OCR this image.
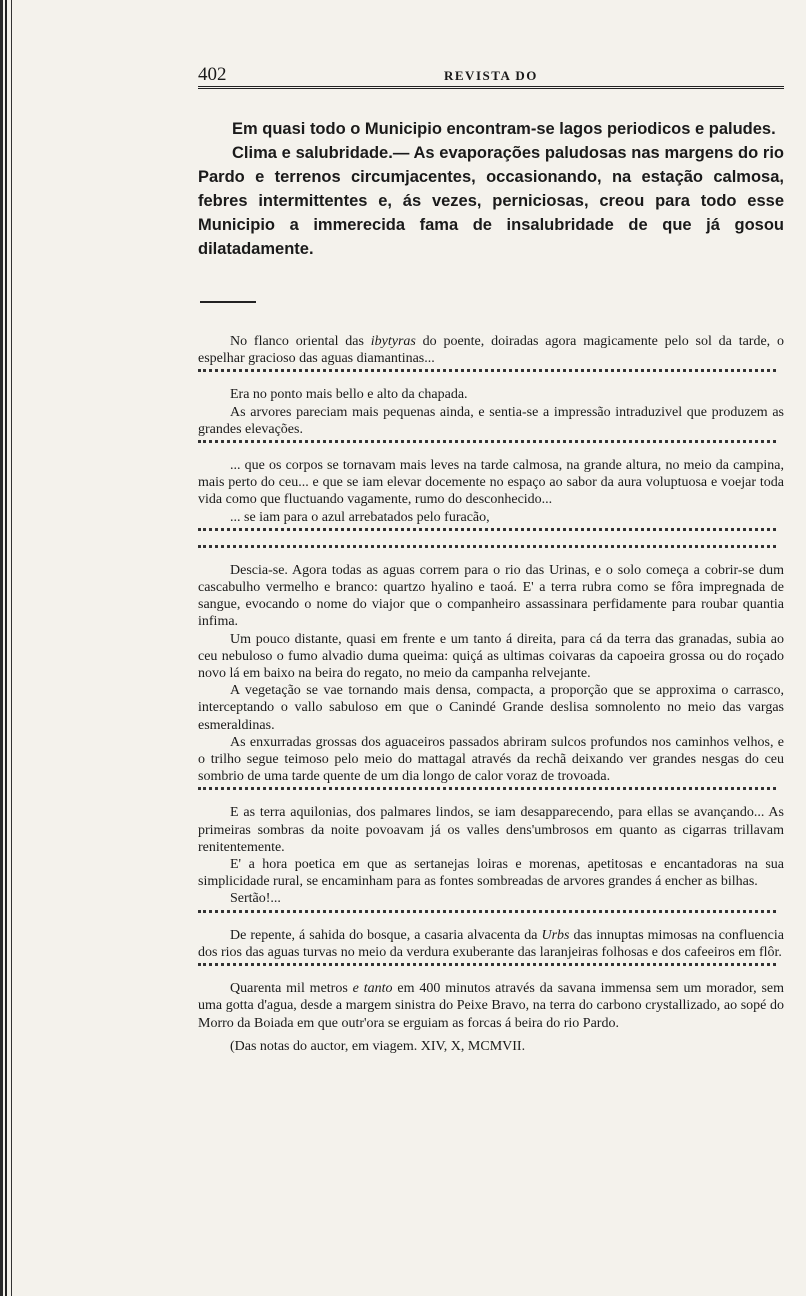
402	REVISTA DO

Em quasi todo o Municipio encontram-se lagos periodicos e paludes.

Clima e salubridade.— As evaporações paludosas nas margens do rio Pardo e terrenos circumjacentes, occasionando, na estação calmosa, febres intermittentes e, ás vezes, perniciosas, creou para todo esse Municipio a immerecida fama de insalubridade de que já gosou dilatadamente.

No flanco oriental das ibytyras do poente, doiradas agora magicamente pelo sol da tarde, o espelhar gracioso das aguas diamantinas...

Era no ponto mais bello e alto da chapada.

As arvores pareciam mais pequenas ainda, e sentia-se a impressão intraduzivel que produzem as grandes elevações.

... que os corpos se tornavam mais leves na tarde calmosa, na grande altura, no meio da campina, mais perto do ceu... e que se iam elevar docemente no espaço ao sabor da aura voluptuosa e voejar toda vida como que fluctuando vagamente, rumo do desconhecido...

... se iam para o azul arrebatados pelo furacão,

Descia-se. Agora todas as aguas correm para o rio das Urinas, e o solo começa a cobrir-se dum cascabulho vermelho e branco: quartzo hyalino e taoá. E' a terra rubra como se fôra impregnada de sangue, evocando o nome do viajor que o companheiro assassinara perfidamente para roubar quantia infima.

Um pouco distante, quasi em frente e um tanto á direita, para cá da terra das granadas, subia ao ceu nebuloso o fumo alvadio duma queima: quiçá as ultimas coivaras da capoeira grossa ou do roçado novo lá em baixo na beira do regato, no meio da campanha relvejante.

A vegetação se vae tornando mais densa, compacta, a proporção que se approxima o carrasco, interceptando o vallo sabuloso em que o Canindé Grande deslisa somnolento no meio das vargas esmeraldinas.

As enxurradas grossas dos aguaceiros passados abriram sulcos profundos nos caminhos velhos, e o trilho segue teimoso pelo meio do mattagal através da rechã deixando ver grandes nesgas do ceu sombrio de uma tarde quente de um dia longo de calor voraz de trovoada.

E as terra aquilonias, dos palmares lindos, se iam desapparecendo, para ellas se avançando... As primeiras sombras da noite povoavam já os valles dens'umbrosos em quanto as cigarras trillavam renitentemente.

E' a hora poetica em que as sertanejas loiras e morenas, apetitosas e encantadoras na sua simplicidade rural, se encaminham para as fontes sombreadas de arvores grandes á encher as bilhas.

Sertão!...

De repente, á sahida do bosque, a casaria alvacenta da Urbs das innuptas mimosas na confluencia dos rios das aguas turvas no meio da verdura exuberante das laranjeiras folhosas e dos cafeeiros em flôr.

Quarenta mil metros e tanto em 400 minutos através da savana immensa sem um morador, sem uma gotta d'agua, desde a margem sinistra do Peixe Bravo, na terra do carbono crystallizado, ao sopé do Morro da Boiada em que outr'ora se erguiam as forcas á beira do rio Pardo.

(Das notas do auctor, em viagem. XIV, X, MCMVII.
